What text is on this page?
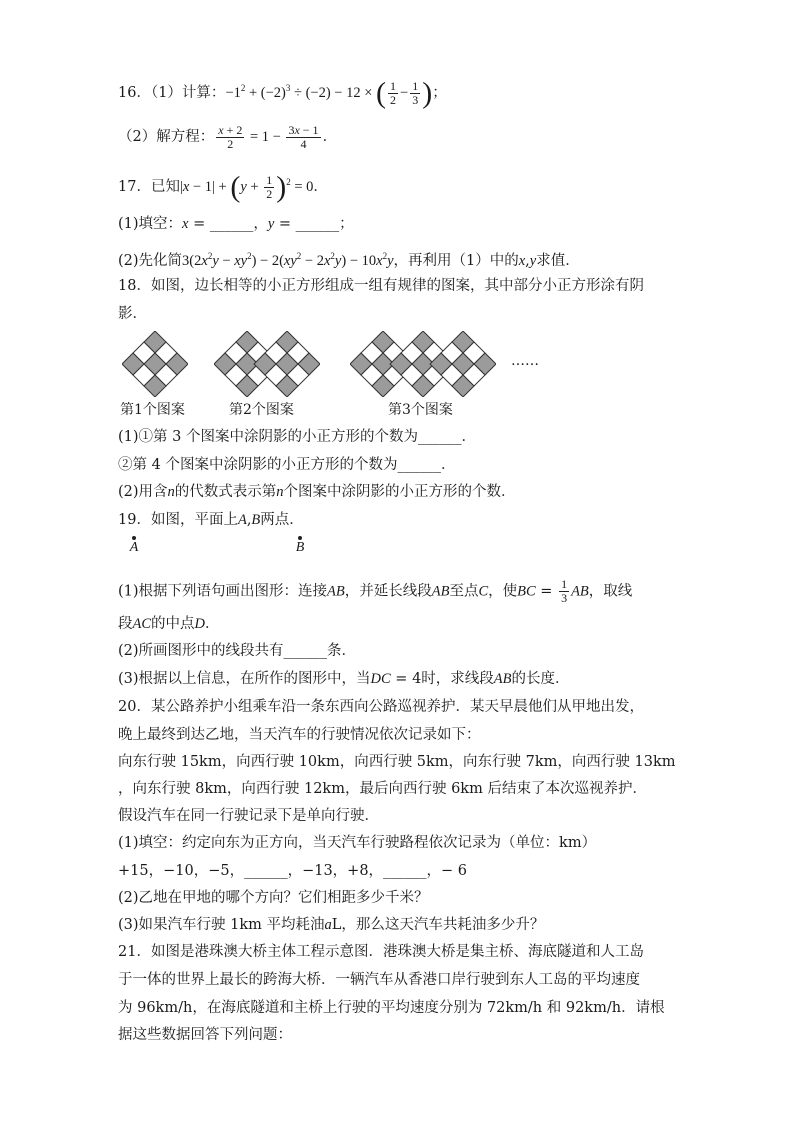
16．（1）计算：$-1^2 + (-2)^3 \div (-2) - 12$ × ( $\frac{1}{2} - \frac{1}{3}$ )；
（2）解方程： $\frac{x + 2}{2} = 1 - \frac{3x - 1}{4}$ ．
17．已知$|x - 1| + (y + \frac{1}{2} )^2 = 0$．
(1)填空：x = ______，y = ______；
(2)先化简$3(2x^2y - xy^2) - 2(xy^2 - 2x^2y) - 10x^2y$，再利用（1）中的x,y求值．
18．如图，边长相等的小正方形组成一组有规律的图案，其中部分小正方形涂有阴
影．
……
第1个图案	第2个图案	第3个图案
(1)①第 3 个图案中涂阴影的小正方形的个数为______．
②第 4 个图案中涂阴影的小正方形的个数为______．
(2)用含n的代数式表示第n个图案中涂阴影的小正方形的个数．
19．如图，平面上A,B两点．
A	B
(1)根据下列语句画出图形：连接AB，并延长线段AB至点C，使BC = $\frac{1}{3}$ AB，取线
段AC的中点D．
(2)所画图形中的线段共有______条．
(3)根据以上信息，在所作的图形中，当DC = 4时，求线段AB的长度．
20．某公路养护小组乘车沿一条东西向公路巡视养护．某天早晨他们从甲地出发，
晚上最终到达乙地，当天汽车的行驶情况依次记录如下：
向东行驶 15km，向西行驶 10km，向西行驶 5km，向东行驶 7km，向西行驶 13km
，向东行驶 8km，向西行驶 12km，最后向西行驶 6km 后结束了本次巡视养护．
假设汽车在同一行驶记录下是单向行驶．
(1)填空：约定向东为正方向，当天汽车行驶路程依次记录为（单位：km）
+15，−10，−5，______，−13，+8，______，− 6
(2)乙地在甲地的哪个方向？它们相距多少千米？
(3)如果汽车行驶 1km 平均耗油aL，那么这天汽车共耗油多少升？
21．如图是港珠澳大桥主体工程示意图．港珠澳大桥是集主桥、海底隧道和人工岛
于一体的世界上最长的跨海大桥．一辆汽车从香港口岸行驶到东人工岛的平均速度
为 96km/h，在海底隧道和主桥上行驶的平均速度分别为 72km/h 和 92km/h．请根
据这些数据回答下列问题：
